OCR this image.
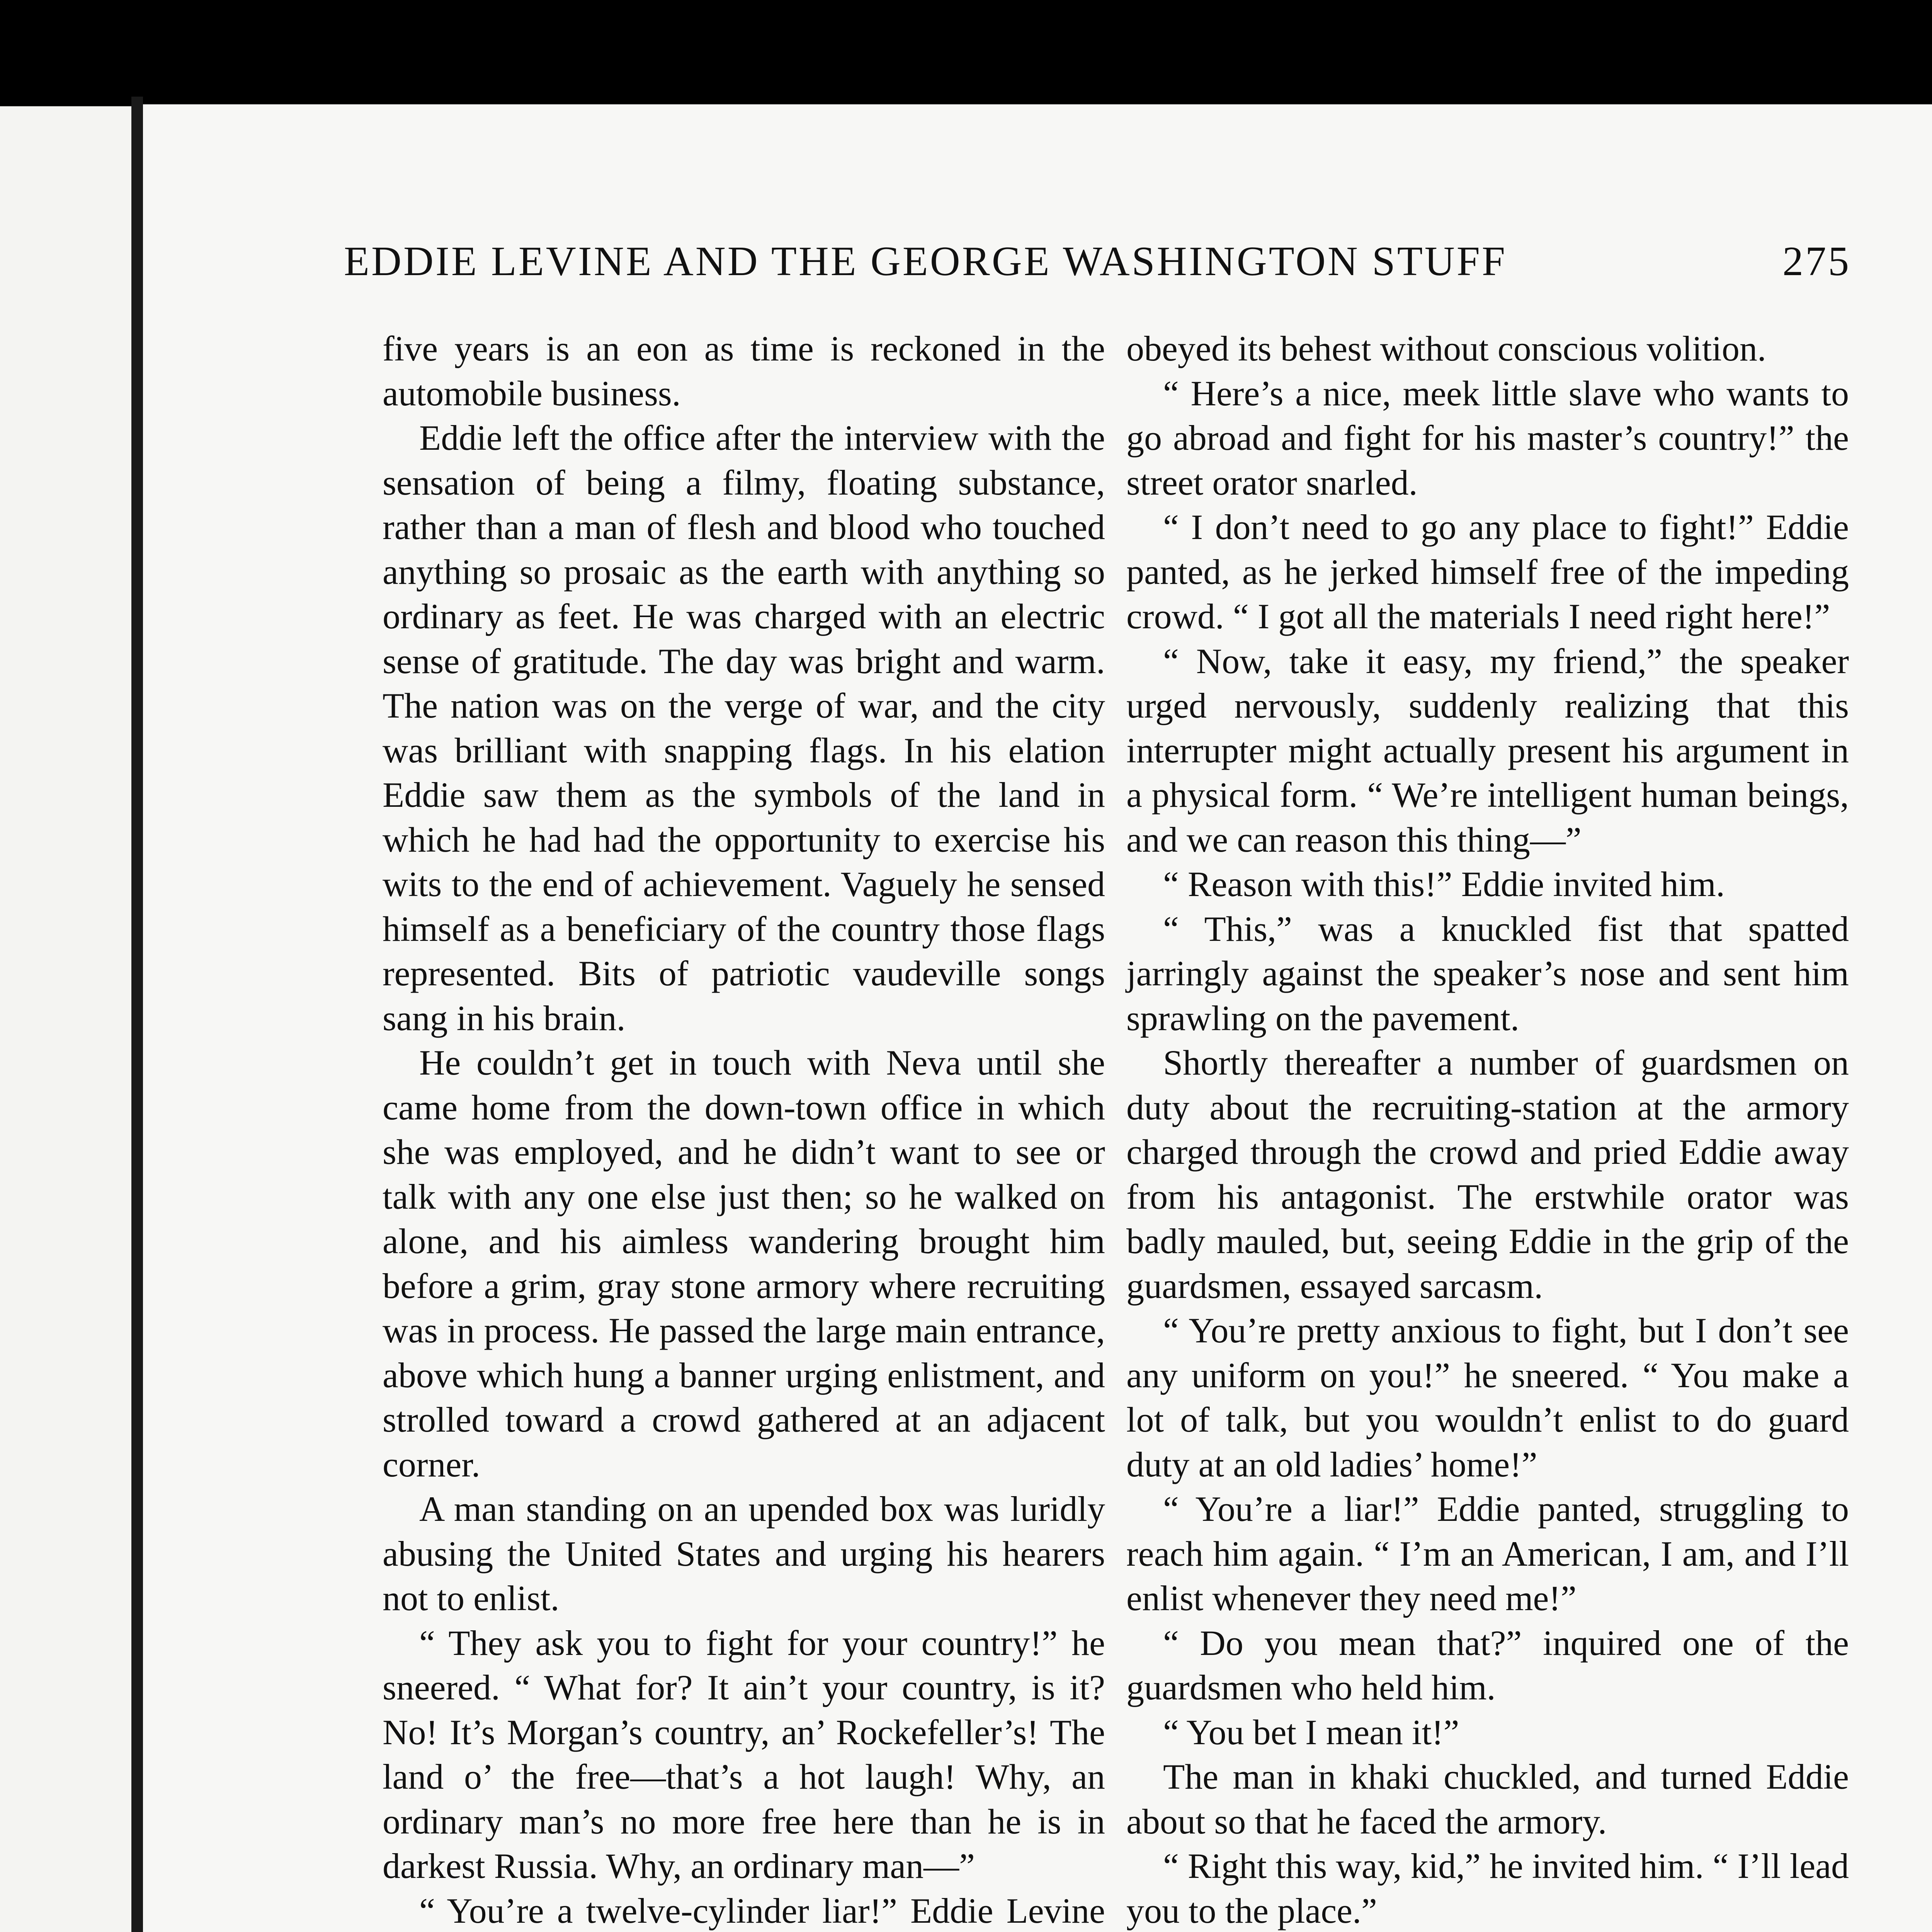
EDDIE LEVINE AND THE GEORGE WASHINGTON STUFF	275

five years is an eon as time is reckoned in the automobile business.

Eddie left the office after the interview with the sensation of being a filmy, floating substance, rather than a man of flesh and blood who touched anything so prosaic as the earth with anything so ordinary as feet. He was charged with an electric sense of gratitude. The day was bright and warm. The nation was on the verge of war, and the city was brilliant with snapping flags. In his elation Eddie saw them as the symbols of the land in which he had had the opportunity to exercise his wits to the end of achievement. Vaguely he sensed himself as a beneficiary of the country those flags represented. Bits of patriotic vaudeville songs sang in his brain.

He couldn’t get in touch with Neva until she came home from the down-town office in which she was employed, and he didn’t want to see or talk with any one else just then; so he walked on alone, and his aimless wandering brought him before a grim, gray stone armory where recruiting was in process. He passed the large main entrance, above which hung a banner urging enlistment, and strolled toward a crowd gathered at an adjacent corner.

A man standing on an upended box was luridly abusing the United States and urging his hearers not to enlist.

“ They ask you to fight for your country!” he sneered. “ What for? It ain’t your country, is it? No! It’s Morgan’s country, an’ Rockefeller’s! The land o’ the free—that’s a hot laugh! Why, an ordinary man’s no more free here than he is in darkest Russia. Why, an ordinary man—”

“ You’re a twelve-cylinder liar!” Eddie Levine

obeyed its behest without conscious volition.

“ Here’s a nice, meek little slave who wants to go abroad and fight for his master’s country!” the street orator snarled.

“ I don’t need to go any place to fight!” Eddie panted, as he jerked himself free of the impeding crowd. “ I got all the materials I need right here!”

“ Now, take it easy, my friend,” the speaker urged nervously, suddenly realizing that this interrupter might actually present his argument in a physical form. “ We’re intelligent human beings, and we can reason this thing—”

“ Reason with this!” Eddie invited him.

“ This,” was a knuckled fist that spatted jarringly against the speaker’s nose and sent him sprawling on the pavement.

Shortly thereafter a number of guardsmen on duty about the recruiting-station at the armory charged through the crowd and pried Eddie away from his antagonist. The erstwhile orator was badly mauled, but, seeing Eddie in the grip of the guardsmen, essayed sarcasm.

“ You’re pretty anxious to fight, but I don’t see any uniform on you!” he sneered. “ You make a lot of talk, but you wouldn’t enlist to do guard duty at an old ladies’ home!”

“ You’re a liar!” Eddie panted, struggling to reach him again. “ I’m an American, I am, and I’ll enlist whenever they need me!”

“ Do you mean that?” inquired one of the guardsmen who held him.

“ You bet I mean it!”

The man in khaki chuckled, and turned Eddie about so that he faced the armory.

“ Right this way, kid,” he invited him. “ I’ll lead you to the place.”
